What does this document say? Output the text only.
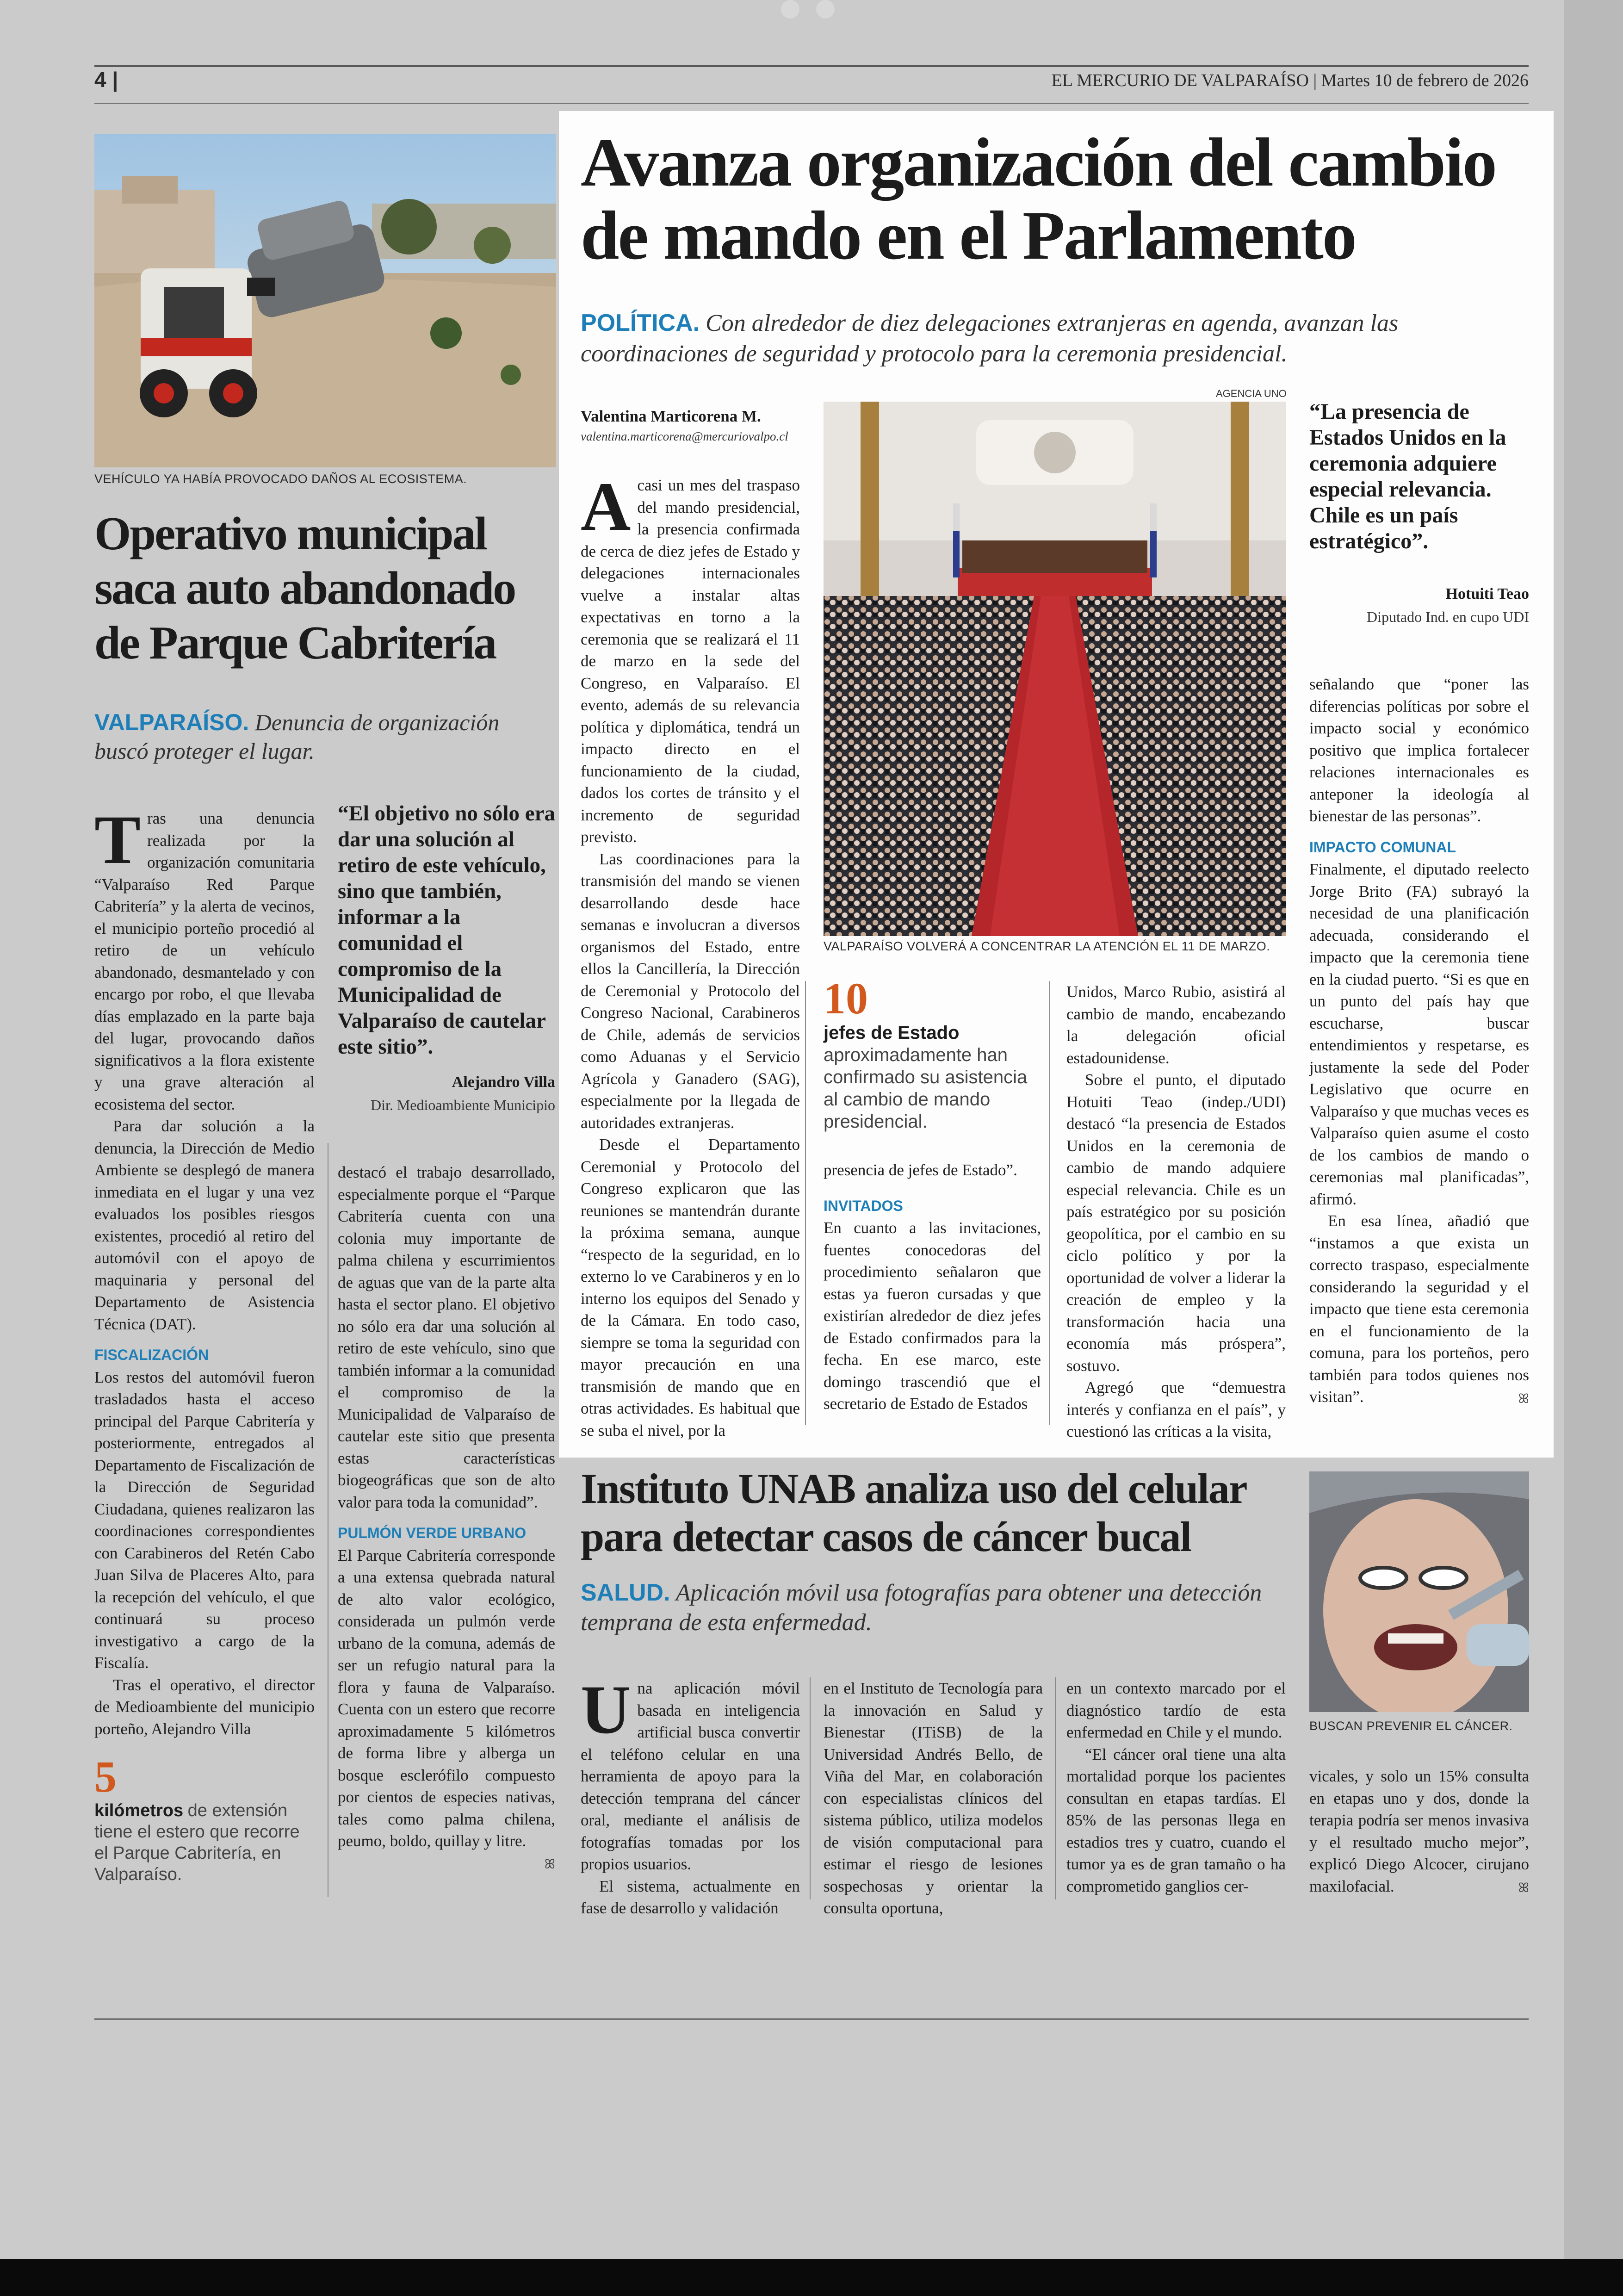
4 |	EL MERCURIO DE VALPARAÍSO | Martes 10 de febrero de 2026
VEHÍCULO YA HABÍA PROVOCADO DAÑOS AL ECOSISTEMA.
Operativo municipal saca auto abandonado de Parque Cabritería
VALPARAÍSO. Denuncia de organización buscó proteger el lugar.

Tras una denuncia realizada por la organización comunitaria “Valparaíso Red Parque Cabritería” y la alerta de vecinos, el municipio porteño procedió al retiro de un vehículo abandonado, desmantelado y con encargo por robo, el que llevaba días emplazado en la parte baja del lugar, provocando daños significativos a la flora existente y una grave alteración al ecosistema del sector.

Para dar solución a la denuncia, la Dirección de Medio Ambiente se desplegó de manera inmediata en el lugar y una vez evaluados los posibles riesgos existentes, procedió al retiro del automóvil con el apoyo de maquinaria y personal del Departamento de Asistencia Técnica (DAT).

FISCALIZACIÓN

Los restos del automóvil fueron trasladados hasta el acceso principal del Parque Cabritería y posteriormente, entregados al Departamento de Fiscalización de la Dirección de Seguridad Ciudadana, quienes realizaron las coordinaciones correspondientes con Carabineros del Retén Cabo Juan Silva de Placeres Alto, para la recepción del vehículo, el que continuará su proceso investigativo a cargo de la Fiscalía.

Tras el operativo, el director de Medioambiente del municipio porteño, Alejandro Villa

5
kilómetros de extensión tiene el estero que recorre el Parque Cabritería, en Valparaíso.
“El objetivo no sólo era dar una solución al retiro de este vehículo, sino que también, informar a la comunidad el compromiso de la Municipalidad de Valparaíso de cautelar este sitio”.
Alejandro Villa
Dir. Medioambiente Municipio

destacó el trabajo desarrollado, especialmente porque el “Parque Cabritería cuenta con una colonia muy importante de palma chilena y escurrimientos de aguas que van de la parte alta hasta el sector plano. El objetivo no sólo era dar una solución al retiro de este vehículo, sino que también informar a la comunidad el compromiso de la Municipalidad de Valparaíso de cautelar este sitio que presenta estas características biogeográficas que son de alto valor para toda la comunidad”.

PULMÓN VERDE URBANO

El Parque Cabritería corresponde a una extensa quebrada natural de alto valor ecológico, considerada un pulmón verde urbano de la comuna, además de ser un refugio natural para la flora y fauna de Valparaíso. Cuenta con un estero que recorre aproximadamente 5 kilómetros de forma libre y alberga un bosque esclerófilo compuesto por cientos de especies nativas, tales como palma chilena, peumo, boldo, quillay y litre.

ꕤ
Avanza organización del cambio de mando en el Parlamento
POLÍTICA. Con alrededor de diez delegaciones extranjeras en agenda, avanzan las coordinaciones de seguridad y protocolo para la ceremonia presidencial.
Valentina Marticorena M.
valentina.marticorena@mercuriovalpo.cl

Acasi un mes del traspaso del mando presidencial, la presencia confirmada de cerca de diez jefes de Estado y delegaciones internacionales vuelve a instalar altas expectativas en torno a la ceremonia que se realizará el 11 de marzo en la sede del Congreso, en Valparaíso. El evento, además de su relevancia política y diplomática, tendrá un impacto directo en el funcionamiento de la ciudad, dados los cortes de tránsito y el incremento de seguridad previsto.

Las coordinaciones para la transmisión del mando se vienen desarrollando desde hace semanas e involucran a diversos organismos del Estado, entre ellos la Cancillería, la Dirección de Ceremonial y Protocolo del Congreso Nacional, Carabineros de Chile, además de servicios como Aduanas y el Servicio Agrícola y Ganadero (SAG), especialmente por la llegada de autoridades extranjeras.

Desde el Departamento Ceremonial y Protocolo del Congreso explicaron que las reuniones se mantendrán durante la próxima semana, aunque “respecto de la seguridad, en lo externo lo ve Carabineros y en lo interno los equipos del Senado y de la Cámara. En todo caso, siempre se toma la seguridad con mayor precaución en una transmisión de mando que en otras actividades. Es habitual que se suba el nivel, por la

AGENCIA UNO
VALPARAÍSO VOLVERÁ A CONCENTRAR LA ATENCIÓN EL 11 DE MARZO.
10
jefes de Estado aproximadamente han confirmado su asistencia al cambio de mando presidencial.

presencia de jefes de Estado”.

INVITADOS

En cuanto a las invitaciones, fuentes conocedoras del procedimiento señalaron que estas ya fueron cursadas y que existirían alrededor de diez jefes de Estado confirmados para la fecha. En ese marco, este domingo trascendió que el secretario de Estado de Estados

Unidos, Marco Rubio, asistirá al cambio de mando, encabezando la delegación oficial estadounidense.

Sobre el punto, el diputado Hotuiti Teao (indep./UDI) destacó “la presencia de Estados Unidos en la ceremonia de cambio de mando adquiere especial relevancia. Chile es un país estratégico por su posición geopolítica, por el cambio en su ciclo político y por la oportunidad de volver a liderar la creación de empleo y la transformación hacia una economía más próspera”, sostuvo.

Agregó que “demuestra interés y confianza en el país”, y cuestionó las críticas a la visita,

“La presencia de Estados Unidos en la ceremonia adquiere especial relevancia. Chile es un país estratégico”.
Hotuiti Teao
Diputado Ind. en cupo UDI

señalando que “poner las diferencias políticas por sobre el impacto social y económico positivo que implica fortalecer relaciones internacionales es anteponer la ideología al bienestar de las personas”.

IMPACTO COMUNAL

Finalmente, el diputado reelecto Jorge Brito (FA) subrayó la necesidad de una planificación adecuada, considerando el impacto que la ceremonia tiene en la ciudad puerto. “Si es que en un punto del país hay que escucharse, buscar entendimientos y respetarse, es justamente la sede del Poder Legislativo que ocurre en Valparaíso y que muchas veces es Valparaíso quien asume el costo de los cambios de mando o ceremonias mal planificadas”, afirmó.

En esa línea, añadió que “instamos a que exista un correcto traspaso, especialmente considerando la seguridad y el impacto que tiene esta ceremonia en el funcionamiento de la comuna, para los porteños, pero también para todos quienes nos visitan”.	ꕤ
Instituto UNAB analiza uso del celular para detectar casos de cáncer bucal
SALUD. Aplicación móvil usa fotografías para obtener una detección temprana de esta enfermedad.
BUSCAN PREVENIR EL CÁNCER.

Una aplicación móvil basada en inteligencia artificial busca convertir el teléfono celular en una herramienta de apoyo para la detección temprana del cáncer oral, mediante el análisis de fotografías tomadas por los propios usuarios.

El sistema, actualmente en fase de desarrollo y validación

en el Instituto de Tecnología para la innovación en Salud y Bienestar (ITiSB) de la Universidad Andrés Bello, de Viña del Mar, en colaboración con especialistas clínicos del sistema público, utiliza modelos de visión computacional para estimar el riesgo de lesiones sospechosas y orientar la consulta oportuna,

en un contexto marcado por el diagnóstico tardío de esta enfermedad en Chile y el mundo.

“El cáncer oral tiene una alta mortalidad porque los pacientes consultan en etapas tardías. El 85% de las personas llega en estadios tres y cuatro, cuando el tumor ya es de gran tamaño o ha comprometido ganglios cer-

vicales, y solo un 15% consulta en etapas uno y dos, donde la terapia podría ser menos invasiva y el resultado mucho mejor”, explicó Diego Alcocer, cirujano maxilofacial.	ꕤ
